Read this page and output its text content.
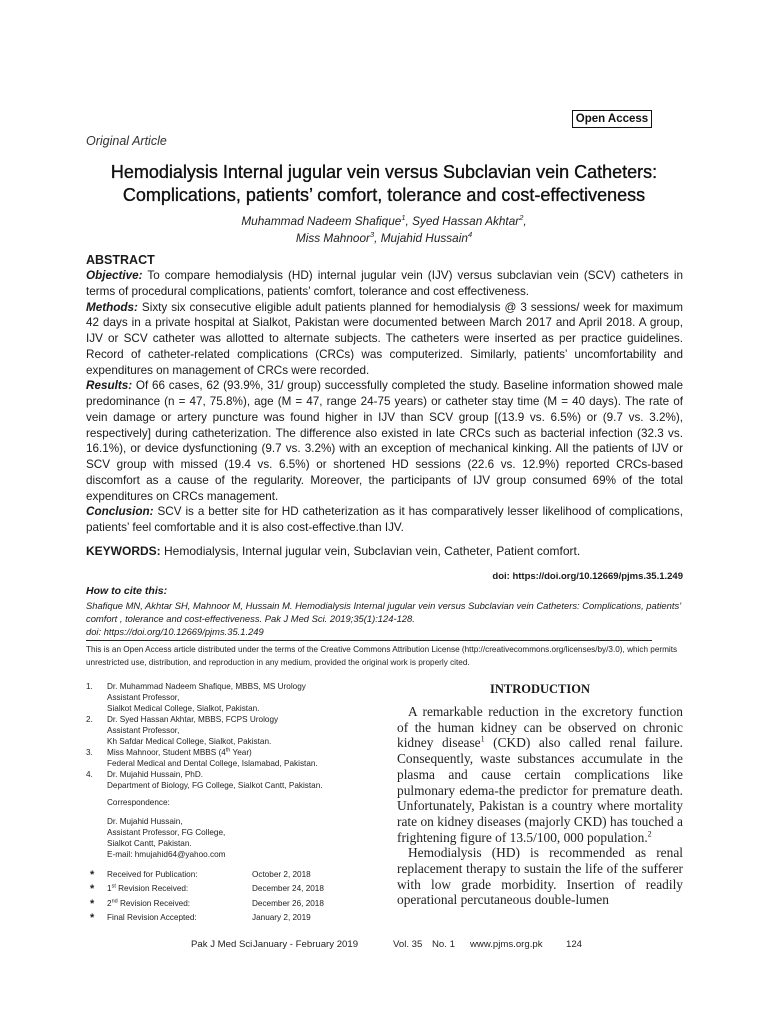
Open Access
Original Article
Hemodialysis Internal jugular vein versus Subclavian vein Catheters:
Complications, patients’ comfort, tolerance and cost-effectiveness
Muhammad Nadeem Shafique$^1$, Syed Hassan Akhtar$^2$,
Miss Mahnoor$^3$, Mujahid Hussain$^4$
ABSTRACT

Objective: To compare hemodialysis (HD) internal jugular vein (IJV) versus subclavian vein (SCV) catheters in terms of procedural complications, patients’ comfort, tolerance and cost effectiveness.

Methods: Sixty six consecutive eligible adult patients planned for hemodialysis @ 3 sessions/ week for maximum 42 days in a private hospital at Sialkot, Pakistan were documented between March 2017 and April 2018. A group, IJV or SCV catheter was allotted to alternate subjects. The catheters were inserted as per practice guidelines. Record of catheter-related complications (CRCs) was computerized. Similarly, patients’ uncomfortability and expenditures on management of CRCs were recorded.

Results: Of 66 cases, 62 (93.9%, 31/ group) successfully completed the study. Baseline information showed male predominance (n = 47, 75.8%), age (M = 47, range 24-75 years) or catheter stay time (M = 40 days). The rate of vein damage or artery puncture was found higher in IJV than SCV group [(13.9 vs. 6.5%) or (9.7 vs. 3.2%), respectively] during catheterization. The difference also existed in late CRCs such as bacterial infection (32.3 vs. 16.1%), or device dysfunctioning (9.7 vs. 3.2%) with an exception of mechanical kinking. All the patients of IJV or SCV group with missed (19.4 vs. 6.5%) or shortened HD sessions (22.6 vs. 12.9%) reported CRCs-based discomfort as a cause of the regularity. Moreover, the participants of IJV group consumed 69% of the total expenditures on CRCs management.

Conclusion: SCV is a better site for HD catheterization as it has comparatively lesser likelihood of complications, patients’ feel comfortable and it is also cost-effective.than IJV.

KEYWORDS: Hemodialysis, Internal jugular vein, Subclavian vein, Catheter, Patient comfort.
doi: https://doi.org/10.12669/pjms.35.1.249
How to cite this:
Shafique MN, Akhtar SH, Mahnoor M, Hussain M. Hemodialysis Internal jugular vein versus Subclavian vein Catheters: Complications, patients’ comfort , tolerance and cost-effectiveness. Pak J Med Sci. 2019;35(1):124-128.
doi: https://doi.org/10.12669/pjms.35.1.249
This is an Open Access article distributed under the terms of the Creative Commons Attribution License (http://creativecommons.org/licenses/by/3.0), which permits unrestricted use, distribution, and reproduction in any medium, provided the original work is properly cited.
1. Dr. Muhammad Nadeem Shafique, MBBS, MS Urology
Assistant Professor,
Sialkot Medical College, Sialkot, Pakistan.
2. Dr. Syed Hassan Akhtar, MBBS, FCPS Urology
Assistant Professor,
Kh Safdar Medical College, Sialkot, Pakistan.
3. Miss Mahnoor, Student MBBS (4th Year)
Federal Medical and Dental College, Islamabad, Pakistan.
4. Dr. Mujahid Hussain, PhD.
Department of Biology, FG College, Sialkot Cantt, Pakistan.
Correspondence:
Dr. Mujahid Hussain,
Assistant Professor, FG College,
Sialkot Cantt, Pakistan.
E-mail: hmujahid64@yahoo.com
* Received for Publication:	October 2, 2018
* 1st Revision Received:	December 24, 2018
* 2nd Revision Received:	December 26, 2018
* Final Revision Accepted:	January 2, 2019
INTRODUCTION

A remarkable reduction in the excretory function of the human kidney can be observed on chronic kidney disease$^1$ (CKD) also called renal failure. Consequently, waste substances accumulate in the plasma and cause certain complications like pulmonary edema-the predictor for premature death. Unfortunately, Pakistan is a country where mortality rate on kidney diseases (majorly CKD) has touched a frightening figure of 13.5/100, 000 population.$^2$

Hemodialysis (HD) is recommended as renal replacement therapy to sustain the life of the sufferer with low grade morbidity. Insertion of readily operational percutaneous double-lumen

Pak J Med Sci January - February 2019	Vol. 35 No. 1 www.pjms.org.pk 124
